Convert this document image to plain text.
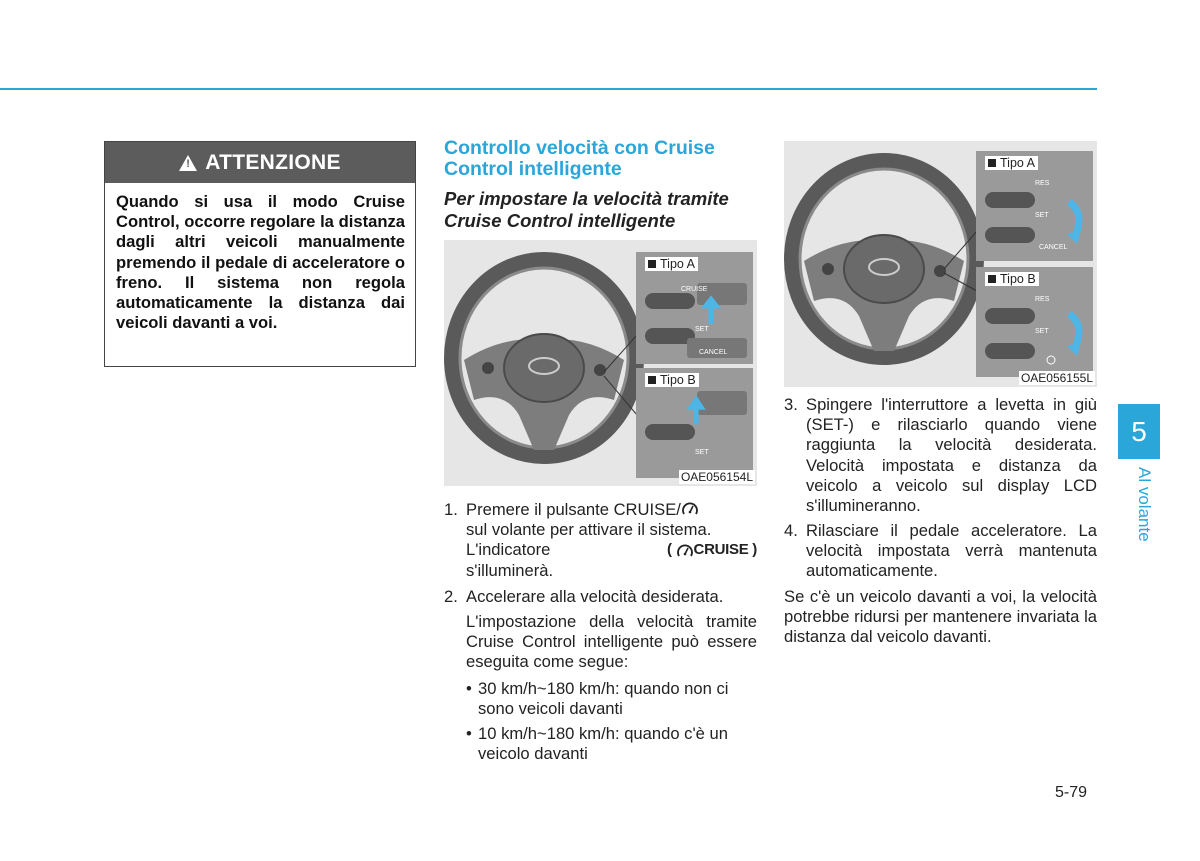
! ATTENZIONE
Quando si usa il modo Cruise Control, occorre regolare la distanza dagli altri veicoli manualmente premendo il pedale di acceleratore o freno. Il sistema non regola automaticamente la distanza dai veicoli davanti a voi.
Controllo velocità con Cruise Control intelligente
Per impostare la velocità tramite Cruise Control intelligente
Tipo A
CRUISE
SET
CANCEL
Tipo B
SET
OAE056154L
Tipo A
RES
SET
CANCEL
Tipo B
RES
SET
OAE056155L
1. Premere il pulsante CRUISE/
sul volante per attivare il sistema.

L'indicatore	( CRUISE )
s'illuminerà.
2. Accelerare alla velocità desiderata.
L'impostazione della velocità tramite Cruise Control intelligente può essere eseguita come segue:
• 30 km/h~180 km/h: quando non ci sono veicoli davanti
• 10 km/h~180 km/h: quando c'è un veicolo davanti
3. Spingere l'interruttore a levetta in giù (SET-) e rilasciarlo quando viene raggiunta la velocità desiderata. Velocità impostata e distanza da veicolo a veicolo sul display LCD s'illumineranno.
4. Rilasciare il pedale acceleratore. La velocità impostata verrà mantenuta automaticamente.
Se c'è un veicolo davanti a voi, la velocità potrebbe ridursi per mantenere invariata la distanza dal veicolo davanti.
5
Al volante
5-79
